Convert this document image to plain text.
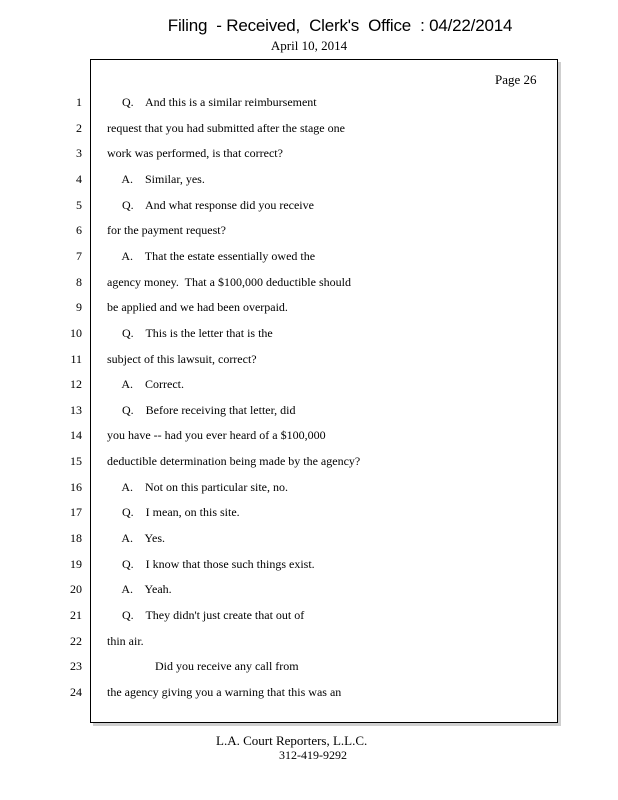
Filing  - Received,  Clerk's  Office  : 04/22/2014
April 10, 2014
Page 26
1 Q.    And this is a similar reimbursement
2 request that you had submitted after the stage one
3 work was performed, is that correct?
4 A.    Similar, yes.
5 Q.    And what response did you receive
6 for the payment request?
7 A.    That the estate essentially owed the
8 agency money.  That a $100,000 deductible should
9 be applied and we had been overpaid.
10 Q.    This is the letter that is the
11 subject of this lawsuit, correct?
12 A.    Correct.
13 Q.    Before receiving that letter, did
14 you have -- had you ever heard of a $100,000
15 deductible determination being made by the agency?
16 A.    Not on this particular site, no.
17 Q.    I mean, on this site.
18 A.    Yes.
19 Q.    I know that those such things exist.
20 A.    Yeah.
21 Q.    They didn't just create that out of
22 thin air.
23 Did you receive any call from
24 the agency giving you a warning that this was an
L.A. Court Reporters, L.L.C.
312-419-9292
